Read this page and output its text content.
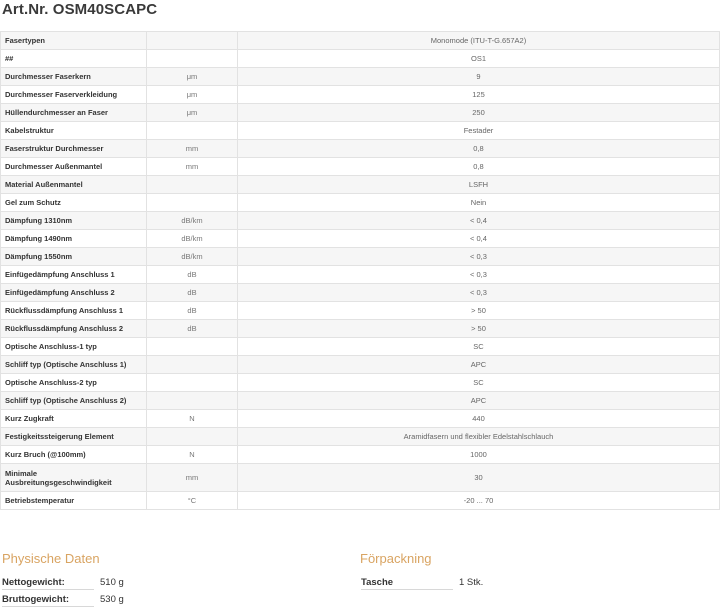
Art.Nr. OSM40SCAPC
Fasertypen		Monomode (ITU-T-G.657A2)
##		OS1
Durchmesser Faserkern	μm	9
Durchmesser Faserverkleidung	μm	125
Hüllendurchmesser an Faser	μm	250
Kabelstruktur		Festader
Faserstruktur Durchmesser	mm	0,8
Durchmesser Außenmantel	mm	0,8
Material Außenmantel		LSFH
Gel zum Schutz		Nein
Dämpfung 1310nm	dB/km	< 0,4
Dämpfung 1490nm	dB/km	< 0,4
Dämpfung 1550nm	dB/km	< 0,3
Einfügedämpfung Anschluss 1	dB	< 0,3
Einfügedämpfung Anschluss 2	dB	< 0,3
Rückflussdämpfung Anschluss 1	dB	> 50
Rückflussdämpfung Anschluss 2	dB	> 50
Optische Anschluss-1 typ		SC
Schliff typ (Optische Anschluss 1)		APC
Optische Anschluss-2 typ		SC
Schliff typ (Optische Anschluss 2)		APC
Kurz Zugkraft	N	440
Festigkeitssteigerung Element		Aramidfasern und flexibler Edelstahlschlauch
Kurz Bruch (@100mm)	N	1000
Minimale Ausbreitungsgeschwindigkeit	mm	30
Betriebstemperatur	°C	-20 ... 70
Physische Daten	Förpackning
Nettogewicht:	510 g
Bruttogewicht:	530 g
Tasche	1 Stk.
